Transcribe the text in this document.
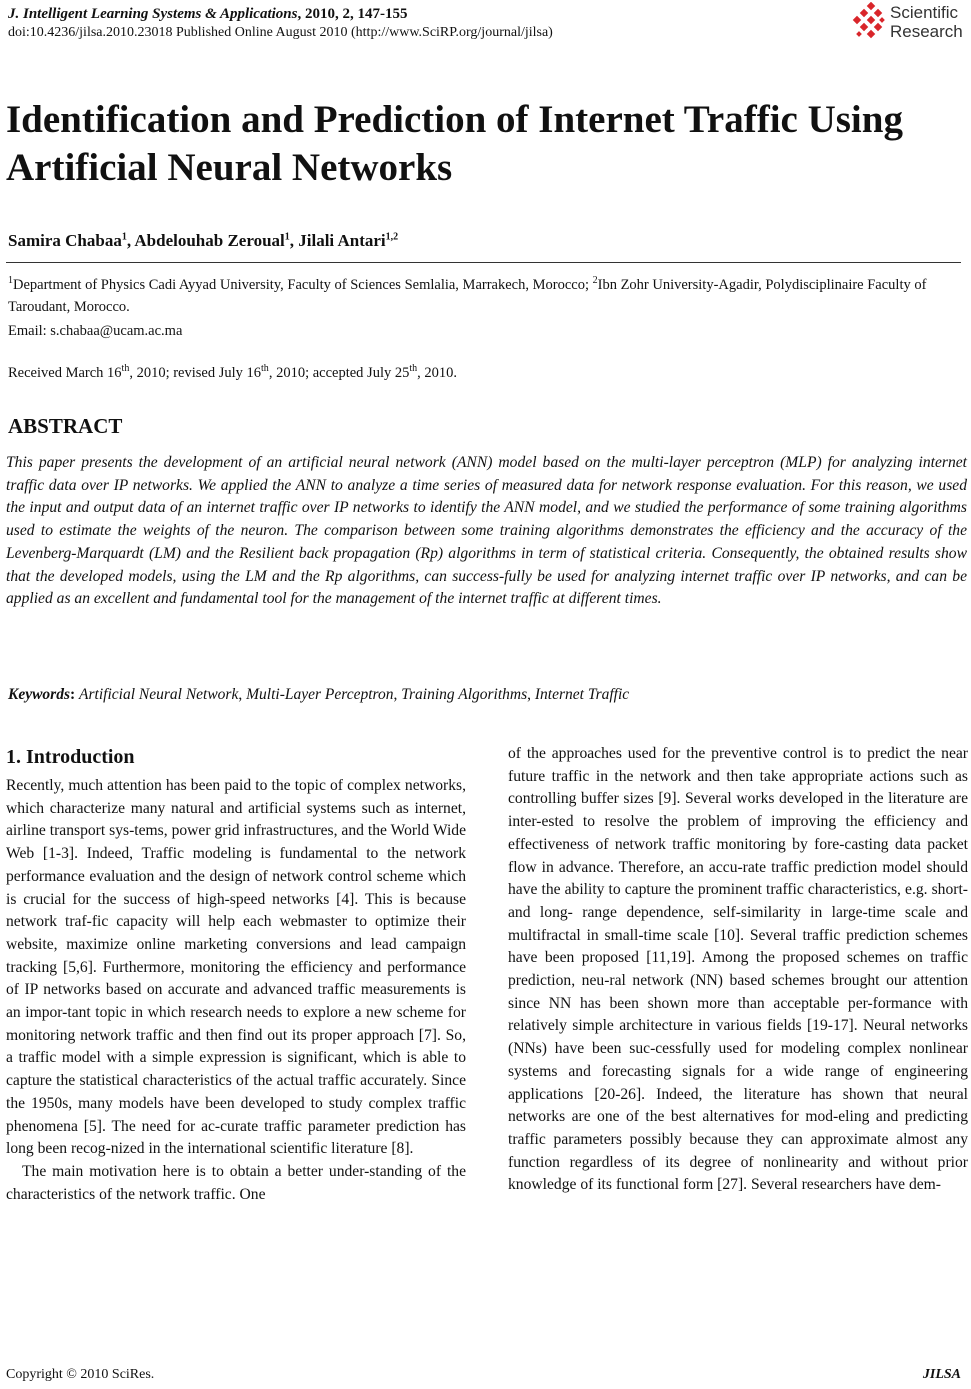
J. Intelligent Learning Systems & Applications, 2010, 2, 147-155
doi:10.4236/jilsa.2010.23018 Published Online August 2010 (http://www.SciRP.org/journal/jilsa)
Scientific
Research
Identification and Prediction of Internet Traffic Using Artificial Neural Networks
Samira Chabaa$^1$, Abdelouhab Zeroual$^1$, Jilali Antari$^{1,2}$
$^1$Department of Physics Cadi Ayyad University, Faculty of Sciences Semlalia, Marrakech, Morocco; $^2$Ibn Zohr University-Agadir, Polydisciplinaire Faculty of Taroudant, Morocco.
Email: s.chabaa@ucam.ac.ma
Received March 16th, 2010; revised July 16th, 2010; accepted July 25th, 2010.
ABSTRACT

This paper presents the development of an artificial neural network (ANN) model based on the multi-layer perceptron (MLP) for analyzing internet traffic data over IP networks. We applied the ANN to analyze a time series of measured data for network response evaluation. For this reason, we used the input and output data of an internet traffic over IP networks to identify the ANN model, and we studied the performance of some training algorithms used to estimate the weights of the neuron. The comparison between some training algorithms demonstrates the efficiency and the accuracy of the Levenberg-Marquardt (LM) and the Resilient back propagation (Rp) algorithms in term of statistical criteria. Consequently, the obtained results show that the developed models, using the LM and the Rp algorithms, can success-fully be used for analyzing internet traffic over IP networks, and can be applied as an excellent and fundamental tool for the management of the internet traffic at different times.

Keywords: Artificial Neural Network, Multi-Layer Perceptron, Training Algorithms, Internet Traffic
1. Introduction

Recently, much attention has been paid to the topic of complex networks, which characterize many natural and artificial systems such as internet, airline transport sys-tems, power grid infrastructures, and the World Wide Web [1-3]. Indeed, Traffic modeling is fundamental to the network performance evaluation and the design of network control scheme which is crucial for the success of high-speed networks [4]. This is because network traf-fic capacity will help each webmaster to optimize their website, maximize online marketing conversions and lead campaign tracking [5,6]. Furthermore, monitoring the efficiency and performance of IP networks based on accurate and advanced traffic measurements is an impor-tant topic in which research needs to explore a new scheme for monitoring network traffic and then find out its proper approach [7]. So, a traffic model with a simple expression is significant, which is able to capture the statistical characteristics of the actual traffic accurately. Since the 1950s, many models have been developed to study complex traffic phenomena [5]. The need for ac-curate traffic parameter prediction has long been recog-nized in the international scientific literature [8].

The main motivation here is to obtain a better under-standing of the characteristics of the network traffic. One

of the approaches used for the preventive control is to predict the near future traffic in the network and then take appropriate actions such as controlling buffer sizes [9]. Several works developed in the literature are inter-ested to resolve the problem of improving the efficiency and effectiveness of network traffic monitoring by fore-casting data packet flow in advance. Therefore, an accu-rate traffic prediction model should have the ability to capture the prominent traffic characteristics, e.g. short- and long- range dependence, self-similarity in large-time scale and multifractal in small-time scale [10]. Several traffic prediction schemes have been proposed [11,19]. Among the proposed schemes on traffic prediction, neu-ral network (NN) based schemes brought our attention since NN has been shown more than acceptable per-formance with relatively simple architecture in various fields [19-17]. Neural networks (NNs) have been suc-cessfully used for modeling complex nonlinear systems and forecasting signals for a wide range of engineering applications [20-26]. Indeed, the literature has shown that neural networks are one of the best alternatives for mod-eling and predicting traffic parameters possibly because they can approximate almost any function regardless of its degree of nonlinearity and without prior knowledge of its functional form [27]. Several researchers have dem-

Copyright © 2010 SciRes.	JILSA
